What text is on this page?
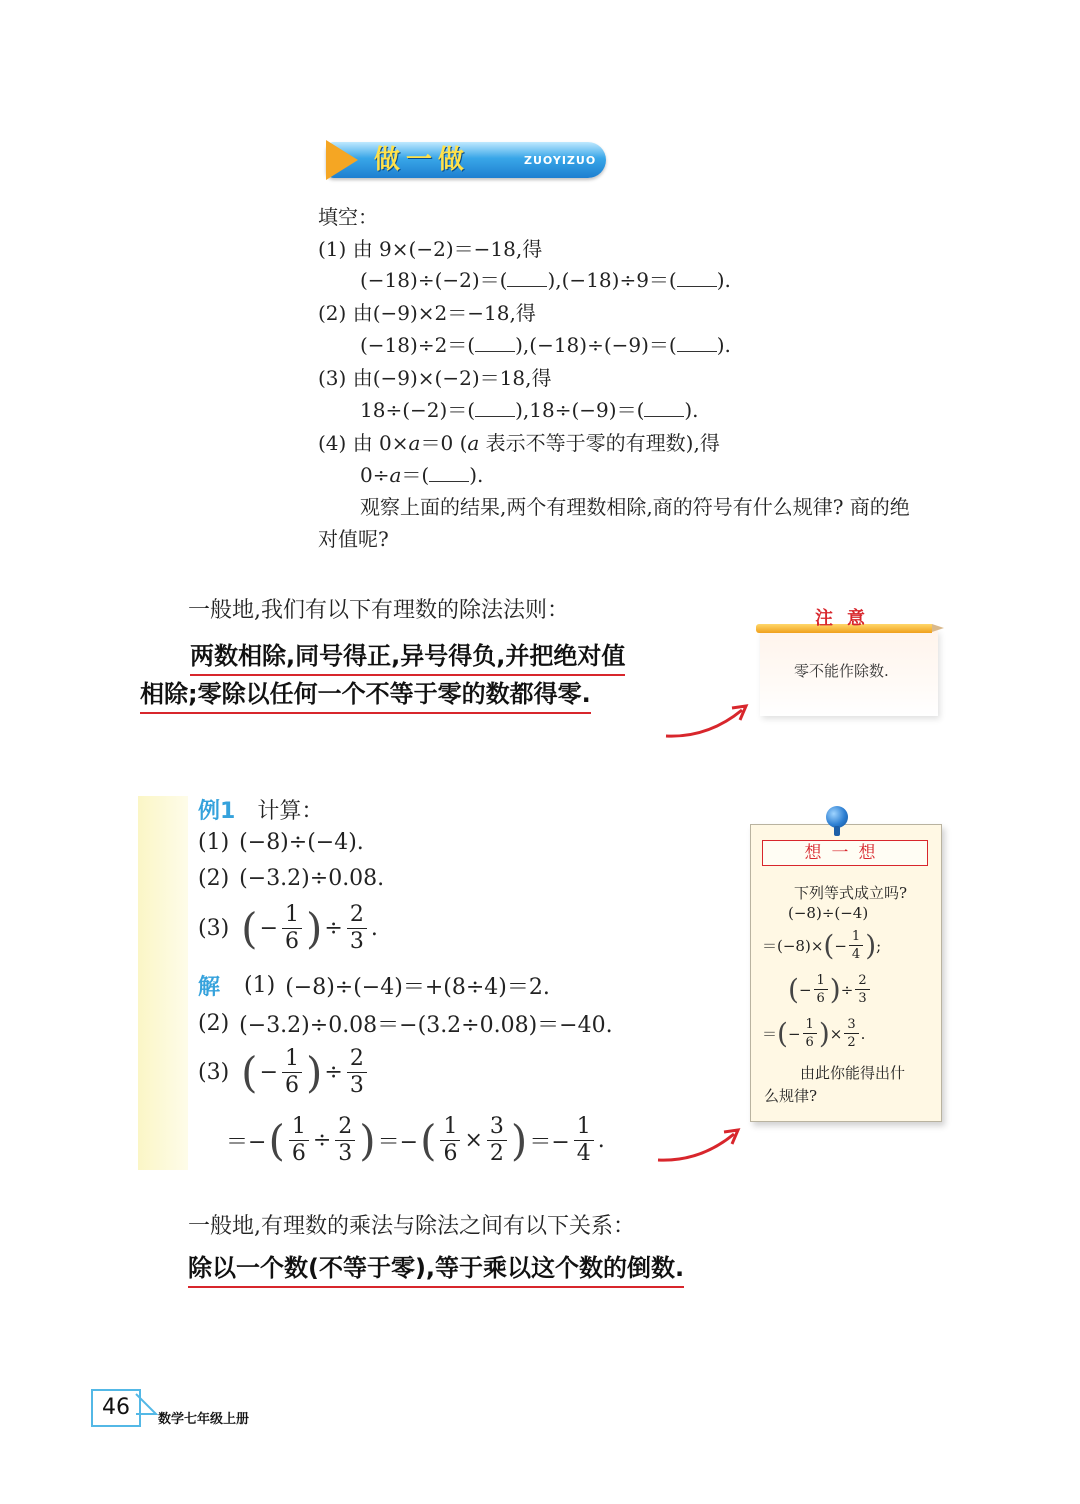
做一做	ZUOYIZUO
填空：
(1) 由 9×(−2)＝−18,得
(−18)÷(−2)＝( ),(−18)÷9＝( ).
(2) 由(−9)×2＝−18,得
(−18)÷2＝( ),(−18)÷(−9)＝( ).
(3) 由(−9)×(−2)＝18,得
18÷(−2)＝( ),18÷(−9)＝( ).
(4) 由 0×a＝0 (a 表示不等于零的有理数),得
0÷a＝( ).
观察上面的结果,两个有理数相除,商的符号有什么规律? 商的绝
对值呢?
一般地,我们有以下有理数的除法法则：
两数相除,同号得正,异号得负,并把绝对值
相除;零除以任何一个不等于零的数都得零.
注意
零不能作除数.
例1 计算：
(1) (−8)÷(−4).
(2) (−3.2)÷0.08.
(3) ( − $\frac{1}{6}$ ) ÷ $\frac{2}{3}$ .
解 (1) (−8)÷(−4)＝+(8÷4)＝2.
(2) (−3.2)÷0.08＝−(3.2÷0.08)＝−40.
(3) ( − $\frac{1}{6}$ ) ÷ $\frac{2}{3}$
＝− ( $\frac{1}{6} \div \frac{2}{3}$ ) ＝− ( $\frac{1}{6} \times \frac{3}{2}$ ) ＝− $\frac{1}{4}$ .
想一想
下列等式成立吗?
(−8)÷(−4)
＝(−8)× ( − $\frac{1}{4}$ ) ;
( − $\frac{1}{6}$ ) ÷ $\frac{2}{3}$
＝ ( − $\frac{1}{6}$ ) × $\frac{3}{2}$ .
由此你能得出什
么规律?
一般地,有理数的乘法与除法之间有以下关系：
除以一个数(不等于零),等于乘以这个数的倒数.
46	数学七年级上册
